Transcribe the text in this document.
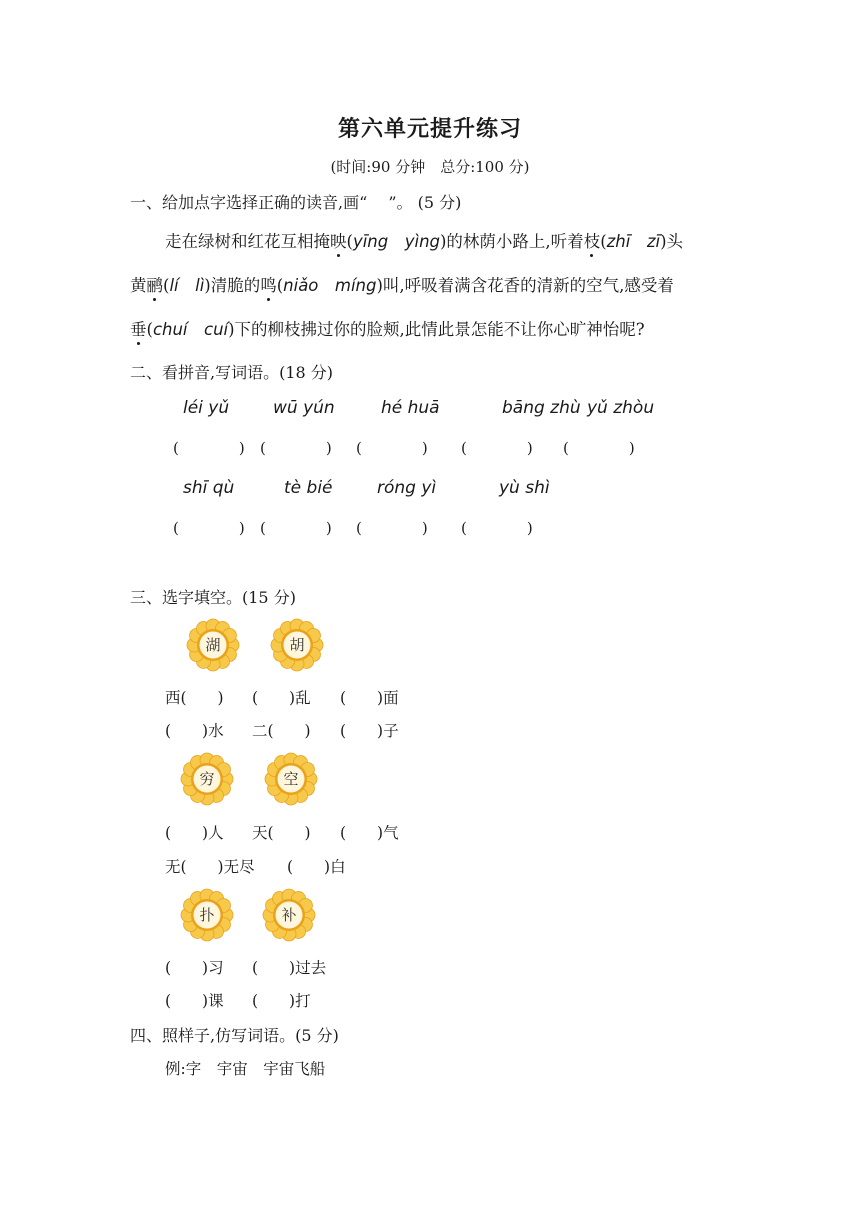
第六单元提升练习
(时间:90 分钟　总分:100 分)
一、给加点字选择正确的读音,画“　 ”。 (5 分)
走在绿树和红花互相掩映(yīng　yìng)的林荫小路上,听着枝(zhī　zī)头
黄鹂(lí　lì)清脆的鸣(niǎo　míng)叫,呼吸着满含花香的清新的空气,感受着
垂(chuí　cuí)下的柳枝拂过你的脸颊,此情此景怎能不让你心旷神怡呢?
二、看拼音,写词语。(18 分)
léi yǔ	wū yún	hé huā	bāng zhù yǔ zhòu
(　　　　) (　　　　) (　　　　) (　　　　) (　　　　)
shī qù	tè bié	róng yì	yù shì
(　　　　) (　　　　) (　　　　) (　　　　)
三、选字填空。(15 分)
湖	胡
西(　　) (　　)乱 (　　)面
(　　)水 二(　　) (　　)子
穷	空
(　　)人 天(　　) (　　)气
无(　　)无尽 (　　)白
扑	补
(　　)习 (　　)过去
(　　)课 (　　)打
四、照样子,仿写词语。(5 分)
例:字　宇宙　宇宙飞船
